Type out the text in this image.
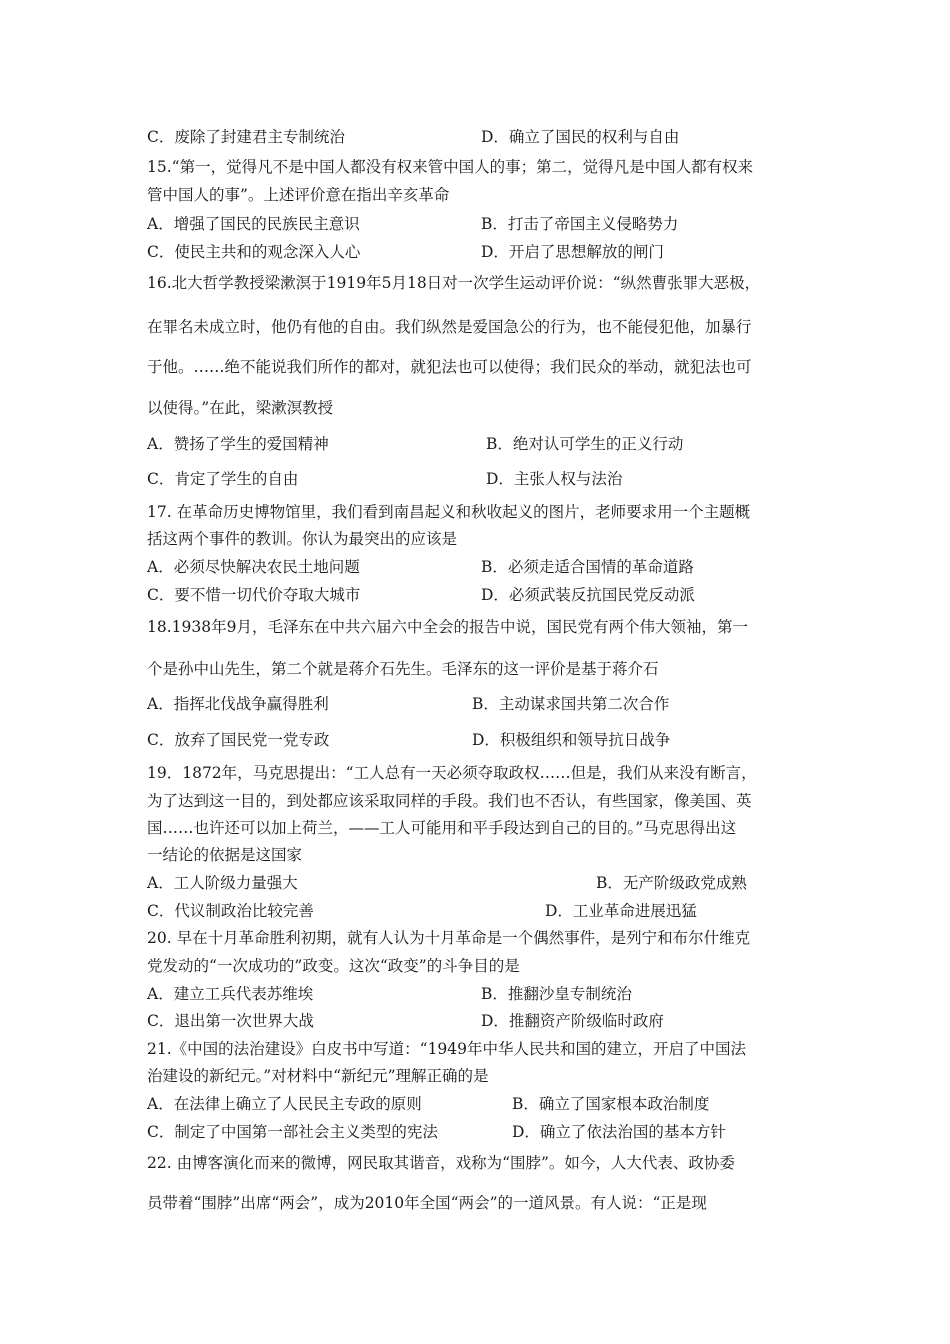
C．废除了封建君主专制统治	D．确立了国民的权利与自由
15.“第一，觉得凡不是中国人都没有权来管中国人的事；第二，觉得凡是中国人都有权来
管中国人的事”。上述评价意在指出辛亥革命
A．增强了国民的民族民主意识	B．打击了帝国主义侵略势力
C．使民主共和的观念深入人心	D．开启了思想解放的闸门
16.北大哲学教授梁漱溟于1919年5月18日对一次学生运动评价说：“纵然曹张罪大恶极，
在罪名未成立时，他仍有他的自由。我们纵然是爱国急公的行为，也不能侵犯他，加暴行
于他。……绝不能说我们所作的都对，就犯法也可以使得；我们民众的举动，就犯法也可
以使得。”在此，梁漱溟教授
A．赞扬了学生的爱国精神	B．绝对认可学生的正义行动
C．肯定了学生的自由	D．主张人权与法治
17. 在革命历史博物馆里，我们看到南昌起义和秋收起义的图片，老师要求用一个主题概
括这两个事件的教训。你认为最突出的应该是
A．必须尽快解决农民土地问题	B．必须走适合国情的革命道路
C．要不惜一切代价夺取大城市	D．必须武装反抗国民党反动派
18.1938年9月，毛泽东在中共六届六中全会的报告中说，国民党有两个伟大领袖，第一
个是孙中山先生，第二个就是蒋介石先生。毛泽东的这一评价是基于蒋介石
A．指挥北伐战争赢得胜利	B．主动谋求国共第二次合作
C．放弃了国民党一党专政	D．积极组织和领导抗日战争
19．1872年，马克思提出：“工人总有一天必须夺取政权……但是，我们从来没有断言，
为了达到这一目的，到处都应该采取同样的手段。我们也不否认，有些国家，像美国、英
国……也许还可以加上荷兰，——工人可能用和平手段达到自己的目的。”马克思得出这
一结论的依据是这国家
A．工人阶级力量强大	B．无产阶级政党成熟
C．代议制政治比较完善	D．工业革命进展迅猛
20. 早在十月革命胜利初期，就有人认为十月革命是一个偶然事件，是列宁和布尔什维克
党发动的“一次成功的”政变。这次“政变”的斗争目的是
A．建立工兵代表苏维埃	B．推翻沙皇专制统治
C．退出第一次世界大战	D．推翻资产阶级临时政府
21.《中国的法治建设》白皮书中写道：“1949年中华人民共和国的建立，开启了中国法
治建设的新纪元。”对材料中“新纪元”理解正确的是
A．在法律上确立了人民民主专政的原则	B．确立了国家根本政治制度
C．制定了中国第一部社会主义类型的宪法	D．确立了依法治国的基本方针
22. 由博客演化而来的微博，网民取其谐音，戏称为“围脖”。如今，人大代表、政协委
员带着“围脖”出席“两会”，成为2010年全国“两会”的一道风景。有人说：“正是现
